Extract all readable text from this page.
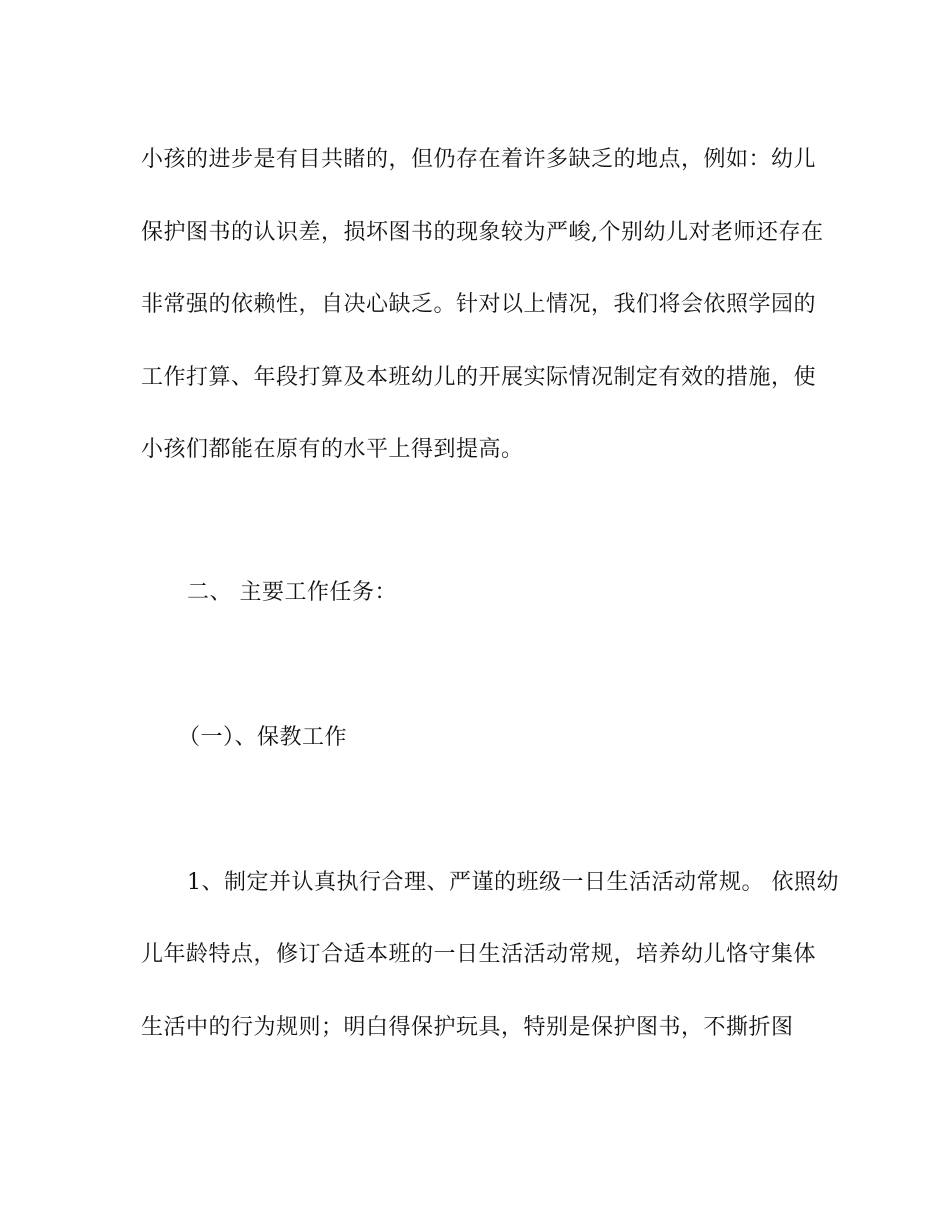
小孩的进步是有目共睹的，但仍存在着许多缺乏的地点，例如：幼儿
保护图书的认识差，损坏图书的现象较为严峻,个别幼儿对老师还存在
非常强的依赖性，自决心缺乏。针对以上情况，我们将会依照学园的
工作打算、年段打算及本班幼儿的开展实际情况制定有效的措施，使
小孩们都能在原有的水平上得到提高。
二、 主要工作任务：
（一）、保教工作
1、制定并认真执行合理、严谨的班级一日生活活动常规。 依照幼
儿年龄特点，修订合适本班的一日生活活动常规，培养幼儿恪守集体
生活中的行为规则；明白得保护玩具，特别是保护图书，不撕折图
